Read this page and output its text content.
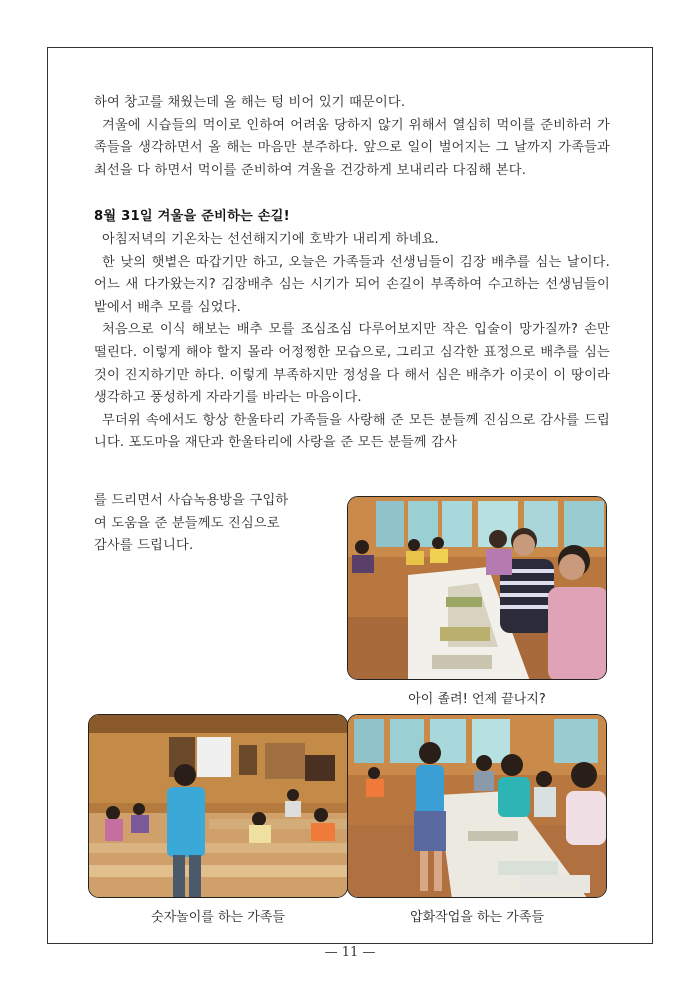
하여 창고를 채웠는데 올 해는 텅 비어 있기 때문이다.

겨울에 시습들의 먹이로 인하여 어려움 당하지 않기 위해서 열심히 먹이를 준비하러 가족들을 생각하면서 올 해는 마음만 분주하다. 앞으로 일이 벌어지는 그 날까지 가족들과 최선을 다 하면서 먹이를 준비하여 겨울을 건강하게 보내리라 다짐해 본다.

8월 31일 겨울을 준비하는 손길!

아침저녁의 기온차는 선선해지기에 호박가 내리게 하네요.

한 낮의 햇볕은 따갑기만 하고, 오늘은 가족들과 선생님들이 김장 배추를 심는 날이다. 어느 새 다가왔는지? 김장배추 심는 시기가 되어 손길이 부족하여 수고하는 선생님들이 밭에서 배추 모를 심었다.

처음으로 이식 해보는 배추 모를 조심조심 다루어보지만 작은 입술이 망가질까? 손만 떨린다. 이렇게 해야 할지 몰라 어정쩡한 모습으로, 그리고 심각한 표정으로 배추를 심는 것이 진지하기만 하다. 이렇게 부족하지만 정성을 다 해서 심은 배추가 이곳이 이 땅이라 생각하고 풍성하게 자라기를 바라는 마음이다.

무더위 속에서도 항상 한울타리 가족들을 사랑해 준 모든 분들께 진심으로 감사를 드립니다. 포도마을 재단과 한울타리에 사랑을 준 모든 분들께 감사

를 드리면서 사습녹용방을 구입하

여 도움을 준 분들께도 진심으로

감사를 드립니다.

아이 졸려! 언제 끝나지?
숫자놀이를 하는 가족들	압화작업을 하는 가족들
— 11 —
